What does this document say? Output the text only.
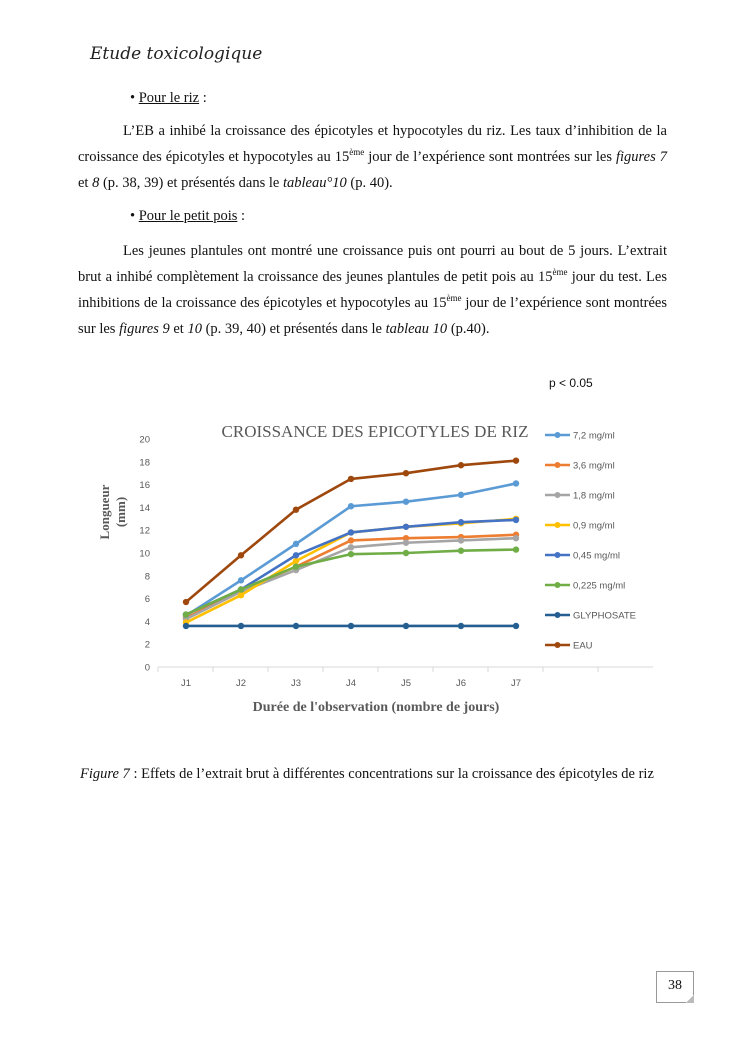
Etude toxicologique
• Pour le riz :
L’EB a inhibé la croissance des épicotyles et hypocotyles du riz. Les taux d’inhibition de la croissance des épicotyles et hypocotyles au 15ème jour de l’expérience sont montrées sur les figures 7 et 8 (p. 38, 39) et présentés dans le tableau°10 (p. 40).
• Pour le petit pois :
Les jeunes plantules ont montré une croissance puis ont pourri au bout de 5 jours. L’extrait brut a inhibé complètement la croissance des jeunes plantules de petit pois au 15ème jour du test. Les inhibitions de la croissance des épicotyles et hypocotyles au 15ème jour de l’expérience sont montrées sur les figures 9 et 10 (p. 39, 40) et présentés dans le tableau 10 (p.40).
p < 0.05
CROISSANCE DES EPICOTYLES DE RIZ
0
2
4
6
8
10
12
14
16
18
20
J1	J2	J3	J4	J5	J6	J7
7,2 mg/ml
3,6 mg/ml
1,8 mg/ml
0,9 mg/ml
0,45 mg/ml
0,225 mg/ml
GLYPHOSATE
EAU
Longueur (mm)
Durée de l'observation (nombre de jours)
Figure 7 : Effets de l’extrait brut à différentes concentrations sur la croissance des épicotyles de riz
38
